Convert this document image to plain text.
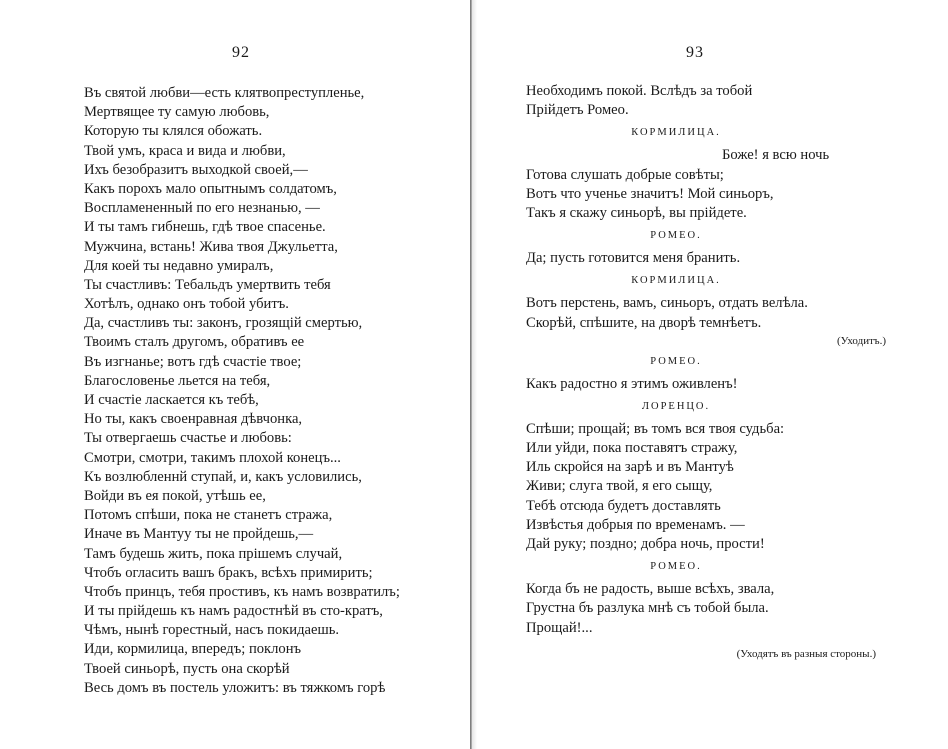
92
Въ святой любви—есть клятвопреступленье,
Мертвящее ту самую любовь,
Которую ты клялся обожать.
Твой умъ, краса и вида и любви,
Ихъ безобразитъ выходкой своей,—
Какъ порохъ мало опытнымъ солдатомъ,
Воспламененный по его незнанью, —
И ты тамъ гибнешь, гдѣ твое спасенье.
Мужчина, встань! Жива твоя Джульетта,
Для коей ты недавно умиралъ,
Ты счастливъ: Тебальдъ умертвить тебя
Хотѣлъ, однако онъ тобой убитъ.
Да, счастливъ ты: законъ, грозящій смертью,
Твоимъ сталъ другомъ, обративъ ее
Въ изгнанье; вотъ гдѣ счастіе твое;
Благословенье льется на тебя,
И счастіе ласкается къ тебѣ,
Но ты, какъ своенравная дѣвчонка,
Ты отвергаешь счастье и любовь:
Смотри, смотри, такимъ плохой конецъ...
Къ возлюбленнй ступай, и, какъ условились,
Войди въ ея покой, утѣшь ее,
Потомъ спѣши, пока не станетъ стража,
Иначе въ Мантуу ты не пройдешь,—
Тамъ будешь жить, пока прішемъ случай,
Чтобъ огласить вашъ бракъ, всѣхъ примирить;
Чтобъ принцъ, тебя простивъ, къ намъ возвратилъ;
И ты прійдешь къ намъ радостнѣй въ сто-кратъ,
Чѣмъ, нынѣ горестный, насъ покидаешь.
Иди, кормилица, впередъ; поклонъ
Твоей синьорѣ, пусть она скорѣй
Весь домъ въ постель уложитъ: въ тяжкомъ горѣ
93
Необходимъ покой. Вслѣдъ за тобой
Прійдетъ Ромео.
КОРМИЛИЦА.
Боже! я всю ночь
Готова слушать добрые совѣты;
Вотъ что ученье значитъ! Мой синьоръ,
Такъ я скажу синьорѣ, вы прійдете.
РОМЕО.
Да; пусть готовится меня бранить.
КОРМИЛИЦА.
Вотъ перстень, вамъ, синьоръ, отдать велѣла.
Скорѣй, спѣшите, на дворѣ темнѣетъ.
(Уходитъ.)
РОМЕО.
Какъ радостно я этимъ оживленъ!
ЛОРЕНЦО.
Спѣши; прощай; въ томъ вся твоя судьба:
Или уйди, пока поставятъ стражу,
Иль скройся на зарѣ и въ Мантуѣ
Живи; слуга твой, я его сыщу,
Тебѣ отсюда будетъ доставлять
Извѣстья добрыя по временамъ. —
Дай руку; поздно; добра ночь, прости!
РОМЕО.
Когда бъ не радость, выше всѣхъ, звала,
Грустна бъ разлука мнѣ съ тобой была.
Прощай!...
(Уходятъ въ разныя стороны.)
